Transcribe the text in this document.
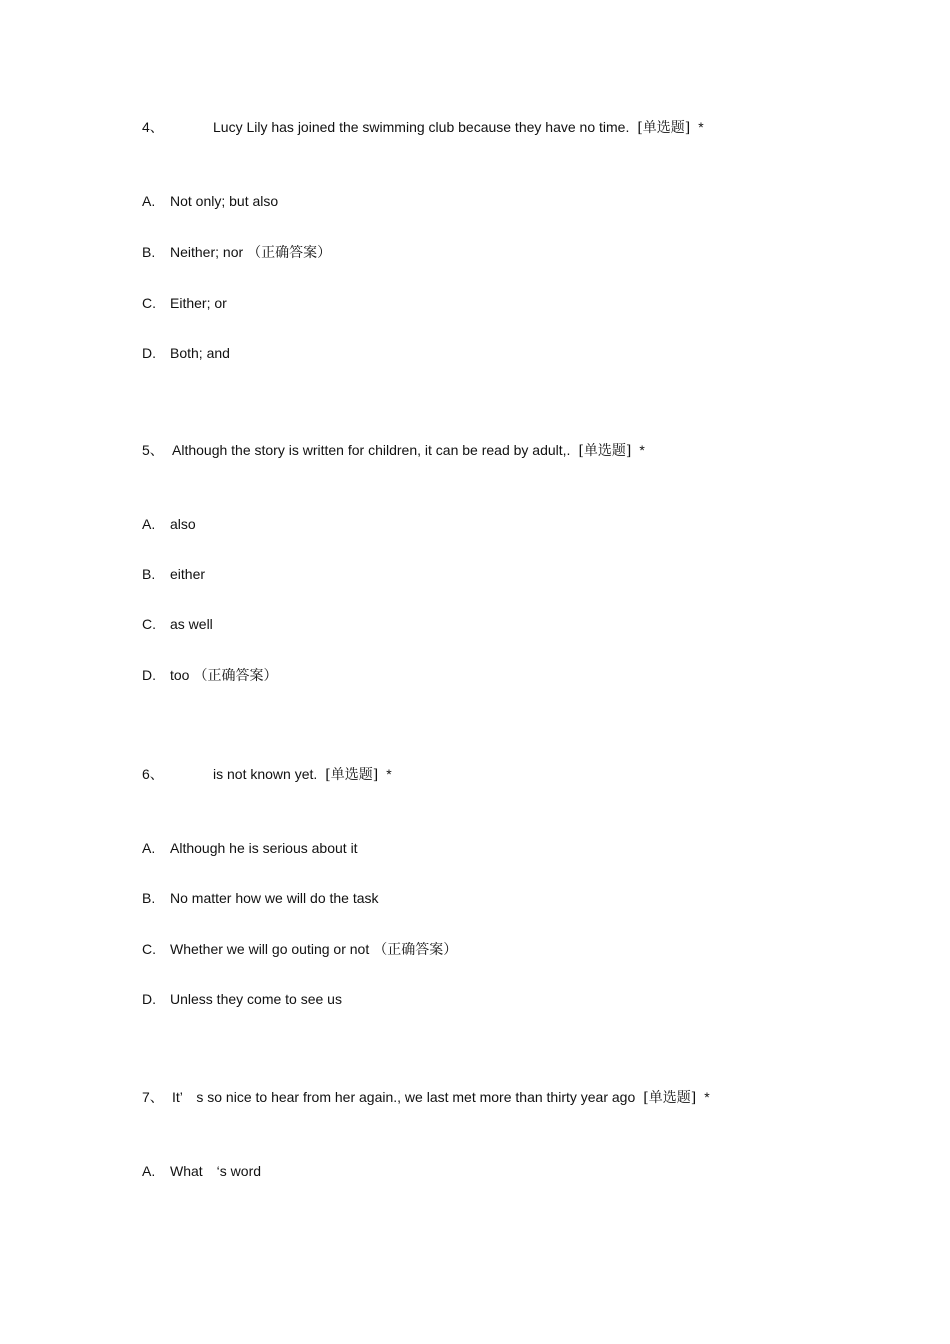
4、	Lucy Lily has joined the swimming club because they have no time. [单选题] *
A. Not only; but also
B. Neither; nor （正确答案）
C. Either; or
D. Both; and
5、 Although the story is written for children, it can be read by adult,. [单选题] *
A. also
B. either
C. as well
D. too （正确答案）
6、	is not known yet. [单选题] *
A. Although he is serious about it
B. No matter how we will do the task
C. Whether we will go outing or not （正确答案）
D. Unless they come to see us
7、 It’　s so nice to hear from her again., we last met more than thirty year ago [单选题] *
A. What　‘s word
